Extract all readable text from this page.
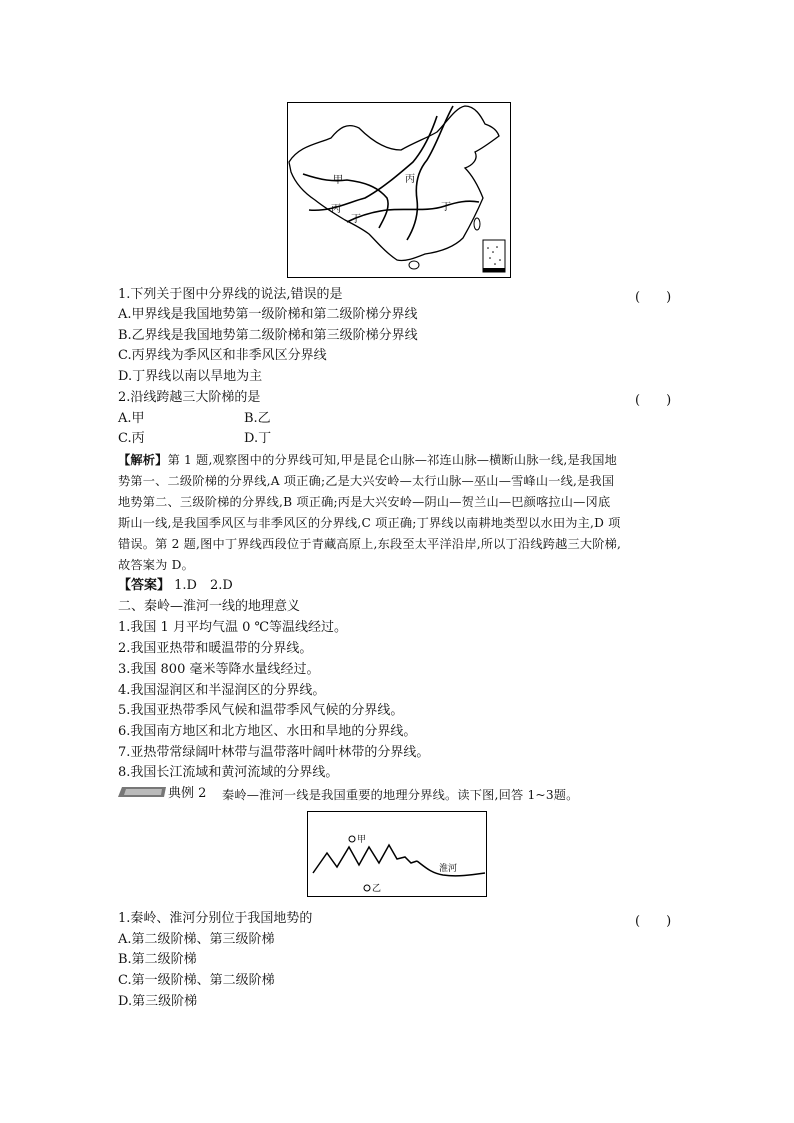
甲	丙
丙
丁
丁
1.下列关于图中分界线的说法,错误的是	(　　)
A.甲界线是我国地势第一级阶梯和第二级阶梯分界线
B.乙界线是我国地势第二级阶梯和第三级阶梯分界线
C.丙界线为季风区和非季风区分界线
D.丁界线以南以旱地为主
2.沿线跨越三大阶梯的是	(　　)
A.甲	B.乙
C.丙	D.丁
【解析】第 1 题,观察图中的分界线可知,甲是昆仑山脉—祁连山脉—横断山脉一线,是我国地
势第一、二级阶梯的分界线,A 项正确;乙是大兴安岭—太行山脉—巫山—雪峰山一线,是我国
地势第二、三级阶梯的分界线,B 项正确;丙是大兴安岭—阴山—贺兰山—巴颜喀拉山—冈底
斯山一线,是我国季风区与非季风区的分界线,C 项正确;丁界线以南耕地类型以水田为主,D 项
错误。第 2 题,图中丁界线西段位于青藏高原上,东段至太平洋沿岸,所以丁沿线跨越三大阶梯,
故答案为 D。
【答案】 1.D　2.D
二、秦岭—淮河一线的地理意义
1.我国 1 月平均气温 0 ℃等温线经过。
2.我国亚热带和暖温带的分界线。
3.我国 800 毫米等降水量线经过。
4.我国湿润区和半湿润区的分界线。
5.我国亚热带季风气候和温带季风气候的分界线。
6.我国南方地区和北方地区、水田和旱地的分界线。
7.亚热带常绿阔叶林带与温带落叶阔叶林带的分界线。
8.我国长江流域和黄河流域的分界线。
典例 2 秦岭—淮河一线是我国重要的地理分界线。读下图,回答 1~3题。
甲
乙
淮河
1.秦岭、淮河分别位于我国地势的	(　　)
A.第二级阶梯、第三级阶梯
B.第二级阶梯
C.第一级阶梯、第二级阶梯
D.第三级阶梯
